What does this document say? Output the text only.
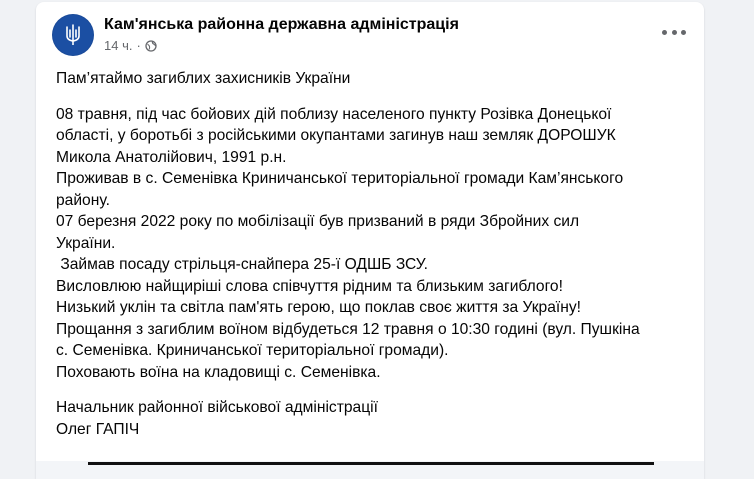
Кам'янська районна державна адміністрація
14 ч. ·
Пам’ятаймо загиблих захисників України
08 травня, під час бойових дій поблизу населеного пункту Розівка Донецької
області, у боротьбі з російськими окупантами загинув наш земляк ДОРОШУК
Микола Анатолійович, 1991 р.н.
Проживав в с. Семенівка Криничанської територіальної громади Кам’янського
району.
07 березня 2022 року по мобілізації був призваний в ряди Збройних сил
України.
Займав посаду стрільця-снайпера 25-ї ОДШБ ЗСУ.
Висловлюю найщиріші слова співчуття рідним та близьким загиблого!
Низький уклін та світла пам'ять герою, що поклав своє життя за Україну!
Прощання з загиблим воїном відбудеться 12 травня о 10:30 годині (вул. Пушкіна
с. Семенівка. Криничанської територіальної громади).
Поховають воїна на кладовищі с. Семенівка.
Начальник районної військової адміністрації
Олег ГАПІЧ
